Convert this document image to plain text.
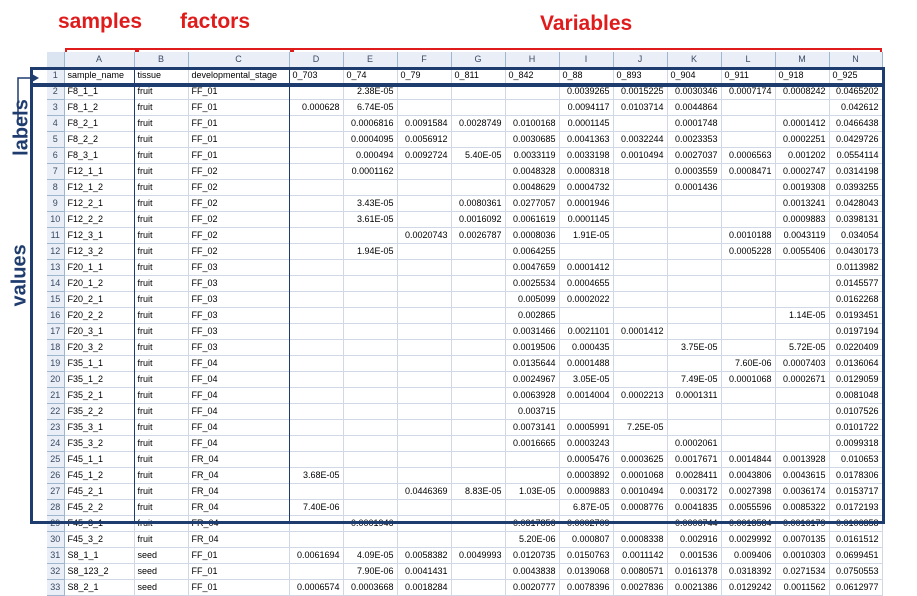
samples factors	Variables
labels
values
	A	B	C	D	E	F	G	H	I	J	K	L	M	N
1	sample_name	tissue	developmental_stage	0_703	0_74	0_79	0_811	0_842	0_88	0_893	0_904	0_911	0_918	0_925
2	F8_1_1	fruit	FF_01		2.38E-05				0.0039265	0.0015225	0.0030346	0.0007174	0.0008242	0.0465202
3	F8_1_2	fruit	FF_01	0.000628	6.74E-05				0.0094117	0.0103714	0.0044864			0.042612
4	F8_2_1	fruit	FF_01		0.0006816	0.0091584	0.0028749	0.0100168	0.0001145		0.0001748		0.0001412	0.0466438
5	F8_2_2	fruit	FF_01		0.0004095	0.0056912		0.0030685	0.0041363	0.0032244	0.0023353		0.0002251	0.0429726
6	F8_3_1	fruit	FF_01		0.000494	0.0092724	5.40E-05	0.0033119	0.0033198	0.0010494	0.0027037	0.0006563	0.001202	0.0554114
7	F12_1_1	fruit	FF_02		0.0001162			0.0048328	0.0008318		0.0003559	0.0008471	0.0002747	0.0314198
8	F12_1_2	fruit	FF_02					0.0048629	0.0004732		0.0001436		0.0019308	0.0393255
9	F12_2_1	fruit	FF_02		3.43E-05		0.0080361	0.0277057	0.0001946				0.0013241	0.0428043
10	F12_2_2	fruit	FF_02		3.61E-05		0.0016092	0.0061619	0.0001145				0.0009883	0.0398131
11	F12_3_1	fruit	FF_02			0.0020743	0.0026787	0.0008036	1.91E-05			0.0010188	0.0043119	0.034054
12	F12_3_2	fruit	FF_02		1.94E-05			0.0064255				0.0005228	0.0055406	0.0430173
13	F20_1_1	fruit	FF_03					0.0047659	0.0001412					0.0113982
14	F20_1_2	fruit	FF_03					0.0025534	0.0004655					0.0145577
15	F20_2_1	fruit	FF_03					0.005099	0.0002022					0.0162268
16	F20_2_2	fruit	FF_03					0.002865					1.14E-05	0.0193451
17	F20_3_1	fruit	FF_03					0.0031466	0.0021101	0.0001412				0.0197194
18	F20_3_2	fruit	FF_03					0.0019506	0.000435		3.75E-05		5.72E-05	0.0220409
19	F35_1_1	fruit	FF_04					0.0135644	0.0001488			7.60E-06	0.0007403	0.0136064
20	F35_1_2	fruit	FF_04					0.0024967	3.05E-05		7.49E-05	0.0001068	0.0002671	0.0129059
21	F35_2_1	fruit	FF_04					0.0063928	0.0014004	0.0002213	0.0001311			0.0081048
22	F35_2_2	fruit	FF_04					0.003715						0.0107526
23	F35_3_1	fruit	FF_04					0.0073141	0.0005991	7.25E-05				0.0101722
24	F35_3_2	fruit	FF_04					0.0016665	0.0003243		0.0002061			0.0099318
25	F45_1_1	fruit	FR_04						0.0005476	0.0003625	0.0017671	0.0014844	0.0013928	0.010653
26	F45_1_2	fruit	FR_04	3.68E-05					0.0003892	0.0001068	0.0028411	0.0043806	0.0043615	0.0178306
27	F45_2_1	fruit	FR_04			0.0446369	8.83E-05	1.03E-05	0.0009883	0.0010494	0.003172	0.0027398	0.0036174	0.0153717
28	F45_2_2	fruit	FR_04	7.40E-06					6.87E-05	0.0008776	0.0041835	0.0055596	0.0085322	0.0172193
29	F45_3_1	fruit	FR_04		0.0001946			0.0317856	0.0002709		0.0006744	0.0013584	0.0016179	0.0106358
30	F45_3_2	fruit	FR_04					5.20E-06	0.000807	0.0008338	0.002916	0.0029992	0.0070135	0.0161512
31	S8_1_1	seed	FF_01	0.0061694	4.09E-05	0.0058382	0.0049993	0.0120735	0.0150763	0.0011142	0.001536	0.009406	0.0010303	0.0699451
32	S8_123_2	seed	FF_01		7.90E-06	0.0041431		0.0043838	0.0139068	0.0080571	0.0161378	0.0318392	0.0271534	0.0750553
33	S8_2_1	seed	FF_01	0.0006574	0.0003668	0.0018284		0.0020777	0.0078396	0.0027836	0.0021386	0.0129242	0.0011562	0.0612977
